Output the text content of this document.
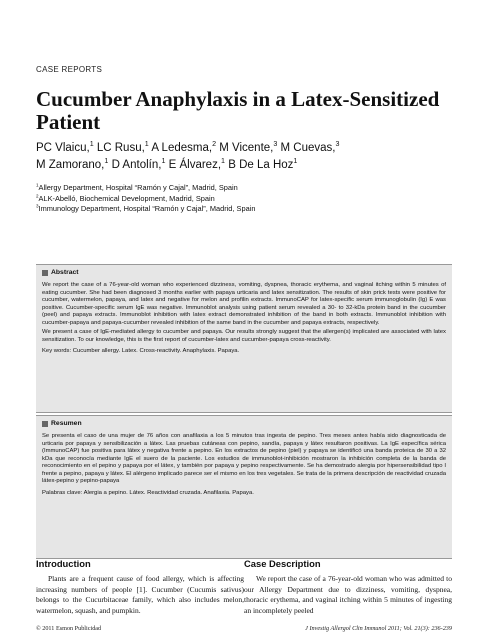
CASE REPORTS
Cucumber Anaphylaxis in a Latex-Sensitized Patient
PC Vlaicu,$^1$ LC Rusu,$^1$ A Ledesma,$^2$ M Vicente,$^3$ M Cuevas,$^3$
M Zamorano,$^1$ D Antolín,$^1$ E Álvarez,$^1$ B De La Hoz$^1$
$^1$Allergy Department, Hospital “Ramón y Cajal”, Madrid, Spain
$^2$ALK-Abelló, Biochemical Development, Madrid, Spain
$^3$Immunology Department, Hospital “Ramón y Cajal”, Madrid, Spain
Abstract

We report the case of a 76-year-old woman who experienced dizziness, vomiting, dyspnea, thoracic erythema, and vaginal itching within 5 minutes of eating cucumber. She had been diagnosed 3 months earlier with papaya urticaria and latex sensitization. The results of skin prick tests were positive for cucumber, watermelon, papaya, and latex and negative for melon and profilin extracts. ImmunoCAP for latex-specific serum immunoglobulin (Ig) E was positive. Cucumber-specific serum IgE was negative. Immunoblot analysis using patient serum revealed a 30- to 32-kDa protein band in the cucumber (peel) and papaya extracts. Immunoblot inhibition with latex extract demonstrated inhibition of the band in both extracts. Immunoblot inhibition with cucumber-papaya and papaya-cucumber revealed inhibition of the same band in the cucumber and papaya extracts, respectively.

We present a case of IgE-mediated allergy to cucumber and papaya. Our results strongly suggest that the allergen(s) implicated are associated with latex sensitization. To our knowledge, this is the first report of cucumber-latex and cucumber-papaya cross-reactivity.

Key words: Cucumber allergy. Latex. Cross-reactivity. Anaphylaxis. Papaya.

Resumen

Se presenta el caso de una mujer de 76 años con anafilaxia a los 5 minutos tras ingesta de pepino. Tres meses antes había sido diagnosticada de urticaria por papaya y sensibilización a látex. Las pruebas cutáneas con pepino, sandía, papaya y látex resultaron positivas. La IgE específica sérica (ImmunoCAP) fue positiva para látex y negativa frente a pepino. En los extractos de pepino (piel) y papaya se identificó una banda proteica de 30 a 32 kDa que reconocía mediante IgE el suero de la paciente. Los estudios de immunoblot-inhibición mostraron la inhibición completa de la banda de reconocimiento en el pepino y papaya por el látex, y también por papaya y pepino respectivamente. Se ha demostrado alergia por hipersensibilidad tipo I frente a pepino, papaya y látex. El alérgeno implicado parece ser el mismo en los tres vegetales. Se trata de la primera descripción de reactividad cruzada látex-pepino y pepino-papaya

Palabras clave: Alergia a pepino. Látex. Reactividad cruzada. Anafilaxia. Papaya.

Introduction

Plants are a frequent cause of food allergy, which is affecting increasing numbers of people [1]. Cucumber (Cucumis sativus) belongs to the Cucurbitaceae family, which also includes melon, watermelon, squash, and pumpkin.

Case Description

We report the case of a 76-year-old woman who was admitted to our Allergy Department due to dizziness, vomiting, dyspnea, thoracic erythema, and vaginal itching within 5 minutes of ingesting an incompletely peeled

© 2011 Esmon Publicidad	J Investig Allergol Clin Immunol 2011; Vol. 21(3): 236-239
